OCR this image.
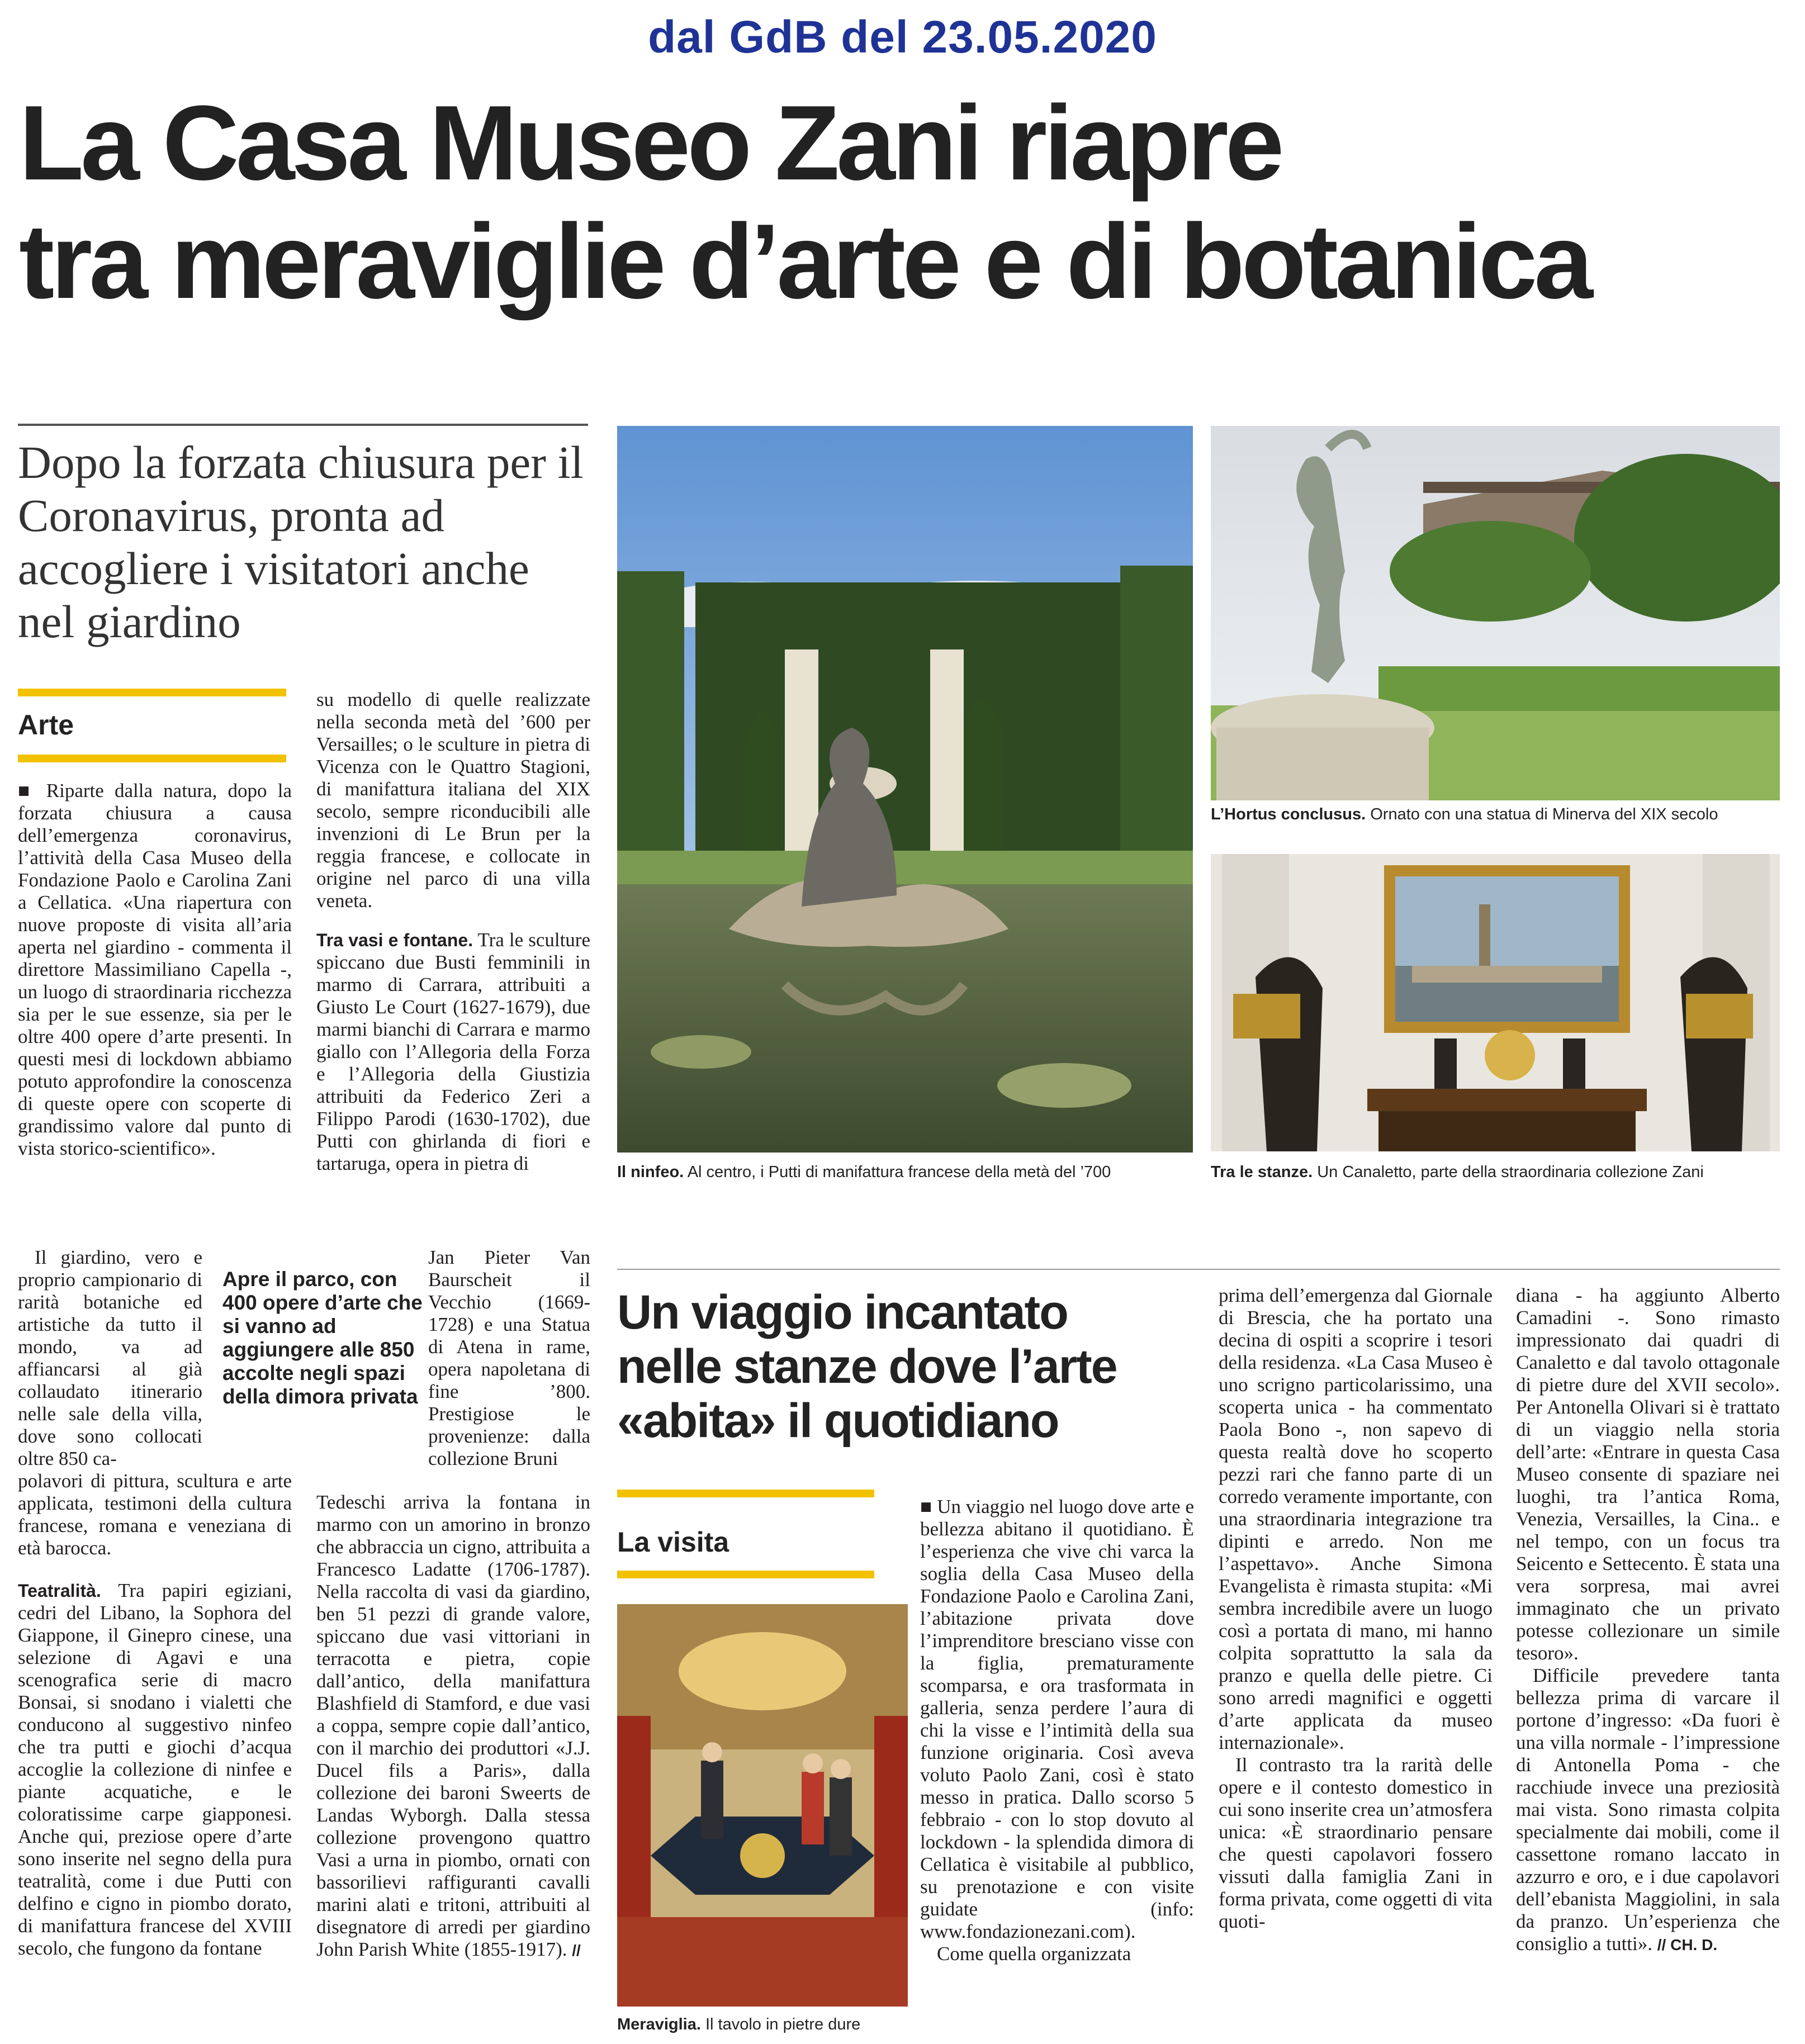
dal GdB del 23.05.2020
La Casa Museo Zani riapre
tra meraviglie d’arte e di botanica
Dopo la forzata chiusura per il Coronavirus, pronta ad accogliere i visitatori anche nel giardino
Arte

■ Riparte dalla natura, dopo la forzata chiusura a causa dell’emergenza coronavirus, l’attività della Casa Museo della Fondazione Paolo e Carolina Zani a Cellatica. «Una riapertura con nuove proposte di visita all’aria aperta nel giardino - commenta il direttore Massimiliano Capella -, un luogo di straordinaria ricchezza sia per le sue essenze, sia per le oltre 400 opere d’arte presenti. In questi mesi di lockdown abbiamo potuto approfondire la conoscenza di queste opere con scoperte di grandissimo valore dal punto di vista storico-scientifico».

Il giardino, vero e proprio campionario di rarità botaniche ed artistiche da tutto il mondo, va ad affiancarsi al già collaudato itinerario nelle sale della villa, dove sono collocati oltre 850 ca-

polavori di pittura, scultura e arte applicata, testimoni della cultura francese, romana e veneziana di età barocca.

Teatralità. Tra papiri egiziani, cedri del Libano, la Sophora del Giappone, il Ginepro cinese, una selezione di Agavi e una scenografica serie di macro Bonsai, si snodano i vialetti che conducono al suggestivo ninfeo che tra putti e giochi d’acqua accoglie la collezione di ninfee e piante acquatiche, e le coloratissime carpe giapponesi. Anche qui, preziose opere d’arte sono inserite nel segno della pura teatralità, come i due Putti con delfino e cigno in piombo dorato, di manifattura francese del XVIII secolo, che fungono da fontane

Apre il parco, con 400 opere d’arte che si vanno ad aggiungere alle 850 accolte negli spazi della dimora privata

su modello di quelle realizzate nella seconda metà del ’600 per Versailles; o le sculture in pietra di Vicenza con le Quattro Stagioni, di manifattura italiana del XIX secolo, sempre riconducibili alle invenzioni di Le Brun per la reggia francese, e collocate in origine nel parco di una villa veneta.

Tra vasi e fontane. Tra le sculture spiccano due Busti femminili in marmo di Carrara, attribuiti a Giusto Le Court (1627-1679), due marmi bianchi di Carrara e marmo giallo con l’Allegoria della Forza e l’Allegoria della Giustizia attribuiti da Federico Zeri a Filippo Parodi (1630-1702), due Putti con ghirlanda di fiori e tartaruga, opera in pietra di

Jan Pieter Van Baurscheit il Vecchio (1669- 1728) e una Statua di Atena in rame, opera napoletana di fine ’800. Prestigiose le provenienze: dalla collezione Bruni

Tedeschi arriva la fontana in marmo con un amorino in bronzo che abbraccia un cigno, attribuita a Francesco Ladatte (1706-1787). Nella raccolta di vasi da giardino, ben 51 pezzi di grande valore, spiccano due vasi vittoriani in terracotta e pietra, copie dall’antico, della manifattura Blashfield di Stamford, e due vasi a coppa, sempre copie dall’antico, con il marchio dei produttori «J.J. Ducel fils a Paris», dalla collezione dei baroni Sweerts de Landas Wyborgh. Dalla stessa collezione provengono quattro Vasi a urna in piombo, ornati con bassorilievi raffiguranti cavalli marini alati e tritoni, attribuiti al disegnatore di arredi per giardino John Parish White (1855-1917). //

Il ninfeo. Al centro, i Putti di manifattura francese della metà del ’700
L’Hortus conclusus. Ornato con una statua di Minerva del XIX secolo
Tra le stanze. Un Canaletto, parte della straordinaria collezione Zani
Un viaggio incantato nelle stanze dove l’arte «abita» il quotidiano
La visita
Meraviglia. Il tavolo in pietre dure

■ Un viaggio nel luogo dove arte e bellezza abitano il quotidiano. È l’esperienza che vive chi varca la soglia della Casa Museo della Fondazione Paolo e Carolina Zani, l’abitazione privata dove l’imprenditore bresciano visse con la figlia, prematuramente scomparsa, e ora trasformata in galleria, senza perdere l’aura di chi la visse e l’intimità della sua funzione originaria. Così aveva voluto Paolo Zani, così è stato messo in pratica. Dallo scorso 5 febbraio - con lo stop dovuto al lockdown - la splendida dimora di Cellatica è visitabile al pubblico, su prenotazione e con visite guidate (info: www.fondazionezani.com).

Come quella organizzata

prima dell’emergenza dal Giornale di Brescia, che ha portato una decina di ospiti a scoprire i tesori della residenza. «La Casa Museo è uno scrigno particolarissimo, una scoperta unica - ha commentato Paola Bono -, non sapevo di questa realtà dove ho scoperto pezzi rari che fanno parte di un corredo veramente importante, con una straordinaria integrazione tra dipinti e arredo. Non me l’aspettavo». Anche Simona Evangelista è rimasta stupita: «Mi sembra incredibile avere un luogo così a portata di mano, mi hanno colpita soprattutto la sala da pranzo e quella delle pietre. Ci sono arredi magnifici e oggetti d’arte applicata da museo internazionale».

Il contrasto tra la rarità delle opere e il contesto domestico in cui sono inserite crea un’atmosfera unica: «È straordinario pensare che questi capolavori fossero vissuti dalla famiglia Zani in forma privata, come oggetti di vita quoti-

diana - ha aggiunto Alberto Camadini -. Sono rimasto impressionato dai quadri di Canaletto e dal tavolo ottagonale di pietre dure del XVII secolo». Per Antonella Olivari si è trattato di un viaggio nella storia dell’arte: «Entrare in questa Casa Museo consente di spaziare nei luoghi, tra l’antica Roma, Venezia, Versailles, la Cina.. e nel tempo, con un focus tra Seicento e Settecento. È stata una vera sorpresa, mai avrei immaginato che un privato potesse collezionare un simile tesoro».

Difficile prevedere tanta bellezza prima di varcare il portone d’ingresso: «Da fuori è una villa normale - l’impressione di Antonella Poma - che racchiude invece una preziosità mai vista. Sono rimasta colpita specialmente dai mobili, come il cassettone romano laccato in azzurro e oro, e i due capolavori dell’ebanista Maggiolini, in sala da pranzo. Un’esperienza che consiglio a tutti». // CH. D.
